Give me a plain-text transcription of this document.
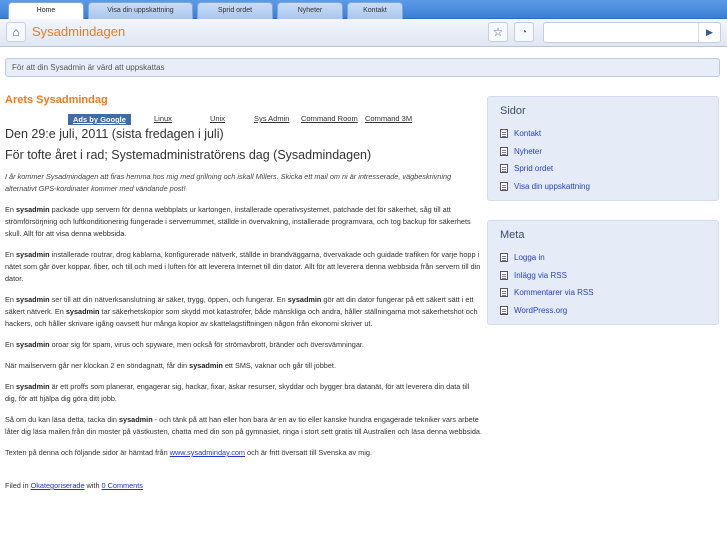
Home	Visa din uppskattning	Sprid ordet	Nyheter	Kontakt
⌂ Sysadmindagen	☆ ◔	▶
För att din Sysadmin är värd att uppskattas
Arets Sysadmindag
Ads by Google	Linux	Unix	Sys Admin Command Room Command 3M
Den 29:e juli, 2011 (sista fredagen i juli)
För tofte året i rad; Systemadministratörens dag (Sysadmindagen)

I år kommer Sysadmindagen att firas hemma hos mig med grillning och iskall Millers. Skicka ett mail om ni är intresserade, vägbeskrivning alternativt GPS-kordinater kommer med vändande post!

En sysadmin packade upp servern för denna webbplats ur kartongen, installerade operativsystemet, patchade det för säkerhet, såg till att strömförsörjning och luftkonditionering fungerade i serverrummet, ställde in övervakning, installerade programvara, och tog backup för säkerhets skull. Allt för att visa denna webbsida.

En sysadmin installerade routrar, drog kablarna, konfigurerade nätverk, ställde in brandväggarna, övervakade och guidade trafiken för varje hopp i nätet som går över koppar, fiber, och till och med i luften för att leverera Internet till din dator. Allt för att leverera denna webbsida från servern till din dator.

En sysadmin ser till att din nätverksanslutning är säker, trygg, öppen, och fungerar. En sysadmin gör att din dator fungerar på ett säkert sätt i ett säkert nätverk. En sysadmin tar säkerhetskopior som skydd mot katastrofer, både mänskliga och andra, håller ställningarna mot säkerhetshot och hackers, och håller skrivare igång oavsett hur många kopior av skattelagstiftningen någon från ekonomi skriver ut.

En sysadmin oroar sig för spam, virus och spyware, men också för strömavbrott, bränder och översvämningar.

När mailservern går ner klockan 2 en söndagnatt, får din sysadmin ett SMS, vaknar och går till jobbet.

En sysadmin är ett proffs som planerar, engagerar sig, hackar, fixar, äskar resurser, skyddar och bygger bra datanät, för att leverera din data till dig, för att hjälpa dig göra ditt jobb.

Så om du kan läsa detta, tacka din sysadmin - och tänk på att han eller hon bara är en av tio eller kanske hundra engagerade tekniker vars arbete låter dig läsa mailen från din moster på västkusten, chatta med din son på gymnasiet, ringa i stort sett gratis till Australien och läsa denna webbsida.

Texten på denna och följande sidor är hämtad från www.sysadminday.com och är fritt översatt till Svenska av mig.

Filed in Okategoriserade with 0 Comments

Sidor
Kontakt
Nyheter
Sprid ordet
Visa din uppskattning
Meta
Logga in
Inlägg via RSS
Kommentarer via RSS
WordPress.org
